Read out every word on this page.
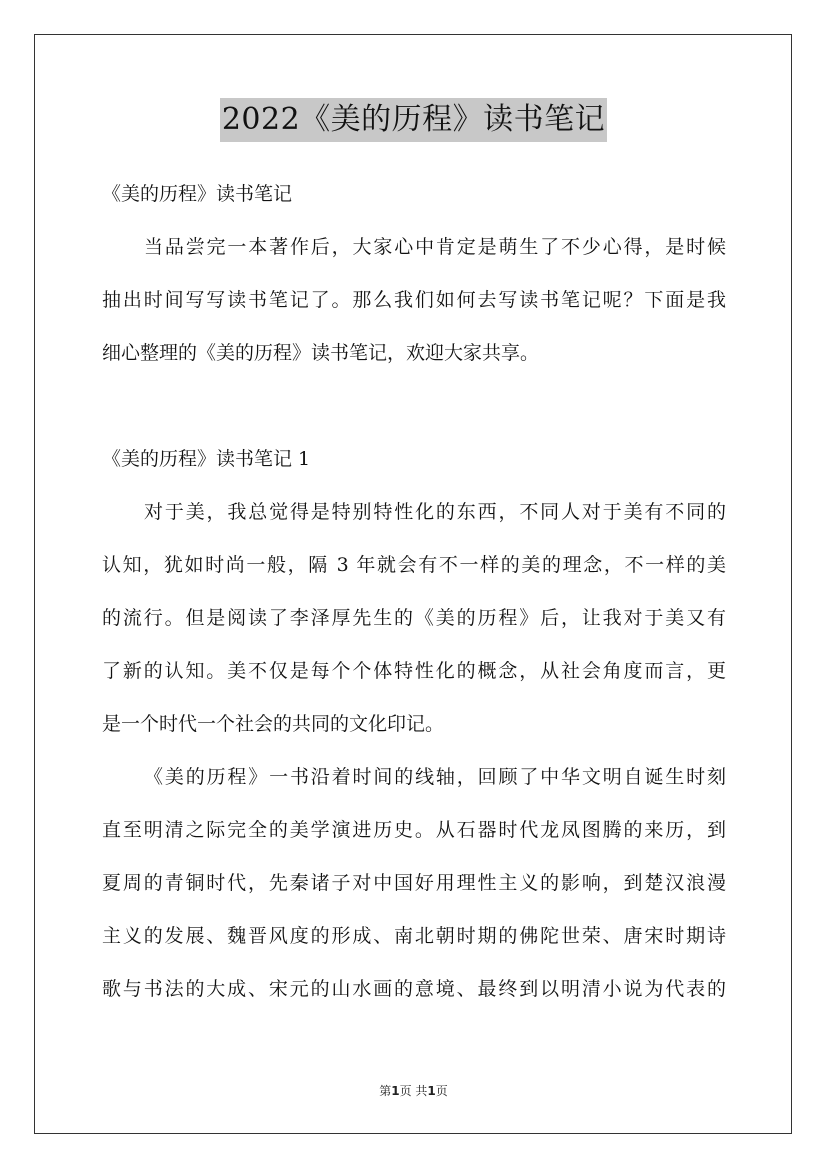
2022《美的历程》读书笔记
《美的历程》读书笔记
当品尝完一本著作后，大家心中肯定是萌生了不少心得，是时候
抽出时间写写读书笔记了。那么我们如何去写读书笔记呢？下面是我
细心整理的《美的历程》读书笔记，欢迎大家共享。
《美的历程》读书笔记 1
对于美，我总觉得是特别特性化的东西，不同人对于美有不同的
认知，犹如时尚一般，隔 3 年就会有不一样的美的理念，不一样的美
的流行。但是阅读了李泽厚先生的《美的历程》后，让我对于美又有
了新的认知。美不仅是每个个体特性化的概念，从社会角度而言，更
是一个时代一个社会的共同的文化印记。
《美的历程》一书沿着时间的线轴，回顾了中华文明自诞生时刻
直至明清之际完全的美学演进历史。从石器时代龙凤图腾的来历，到
夏周的青铜时代，先秦诸子对中国好用理性主义的影响，到楚汉浪漫
主义的发展、魏晋风度的形成、南北朝时期的佛陀世荣、唐宋时期诗
歌与书法的大成、宋元的山水画的意境、最终到以明清小说为代表的
第1页 共1页
